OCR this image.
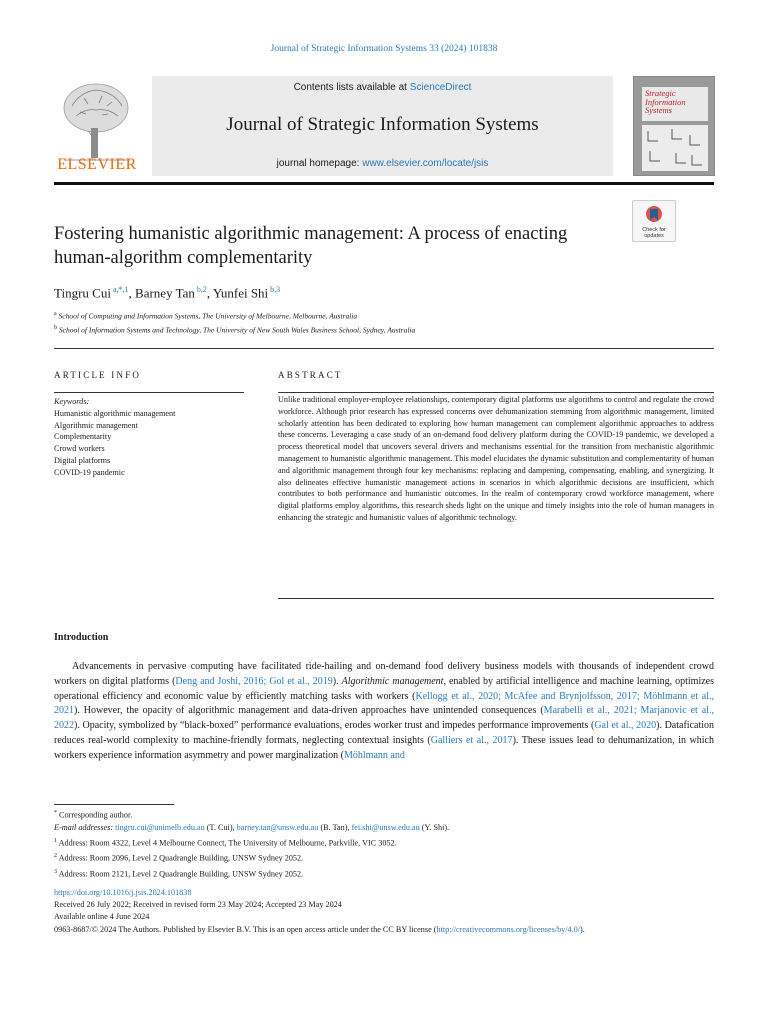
Journal of Strategic Information Systems 33 (2024) 101838
ELSEVIER
Contents lists available at ScienceDirect
Journal of Strategic Information Systems
journal homepage: www.elsevier.com/locate/jsis
Strategic Information Systems
Check for updates
Fostering humanistic algorithmic management: A process of enacting human-algorithm complementarity
Tingru Cui $^{a,*,1}$, Barney Tan $^{b,2}$, Yunfei Shi $^{b,3}$
$^a$ School of Computing and Information Systems, The University of Melbourne, Melbourne, Australia
$^b$ School of Information Systems and Technology, The University of New South Wales Business School, Sydney, Australia
ARTICLE INFO	ABSTRACT
Keywords:
Humanistic algorithmic management
Algorithmic management
Complementarity
Crowd workers
Digital platforms
COVID-19 pandemic
Unlike traditional employer-employee relationships, contemporary digital platforms use algorithms to control and regulate the crowd workforce. Although prior research has expressed concerns over dehumanization stemming from algorithmic management, limited scholarly attention has been dedicated to exploring how human management can complement algorithmic approaches to address these concerns. Leveraging a case study of an on-demand food delivery platform during the COVID-19 pandemic, we developed a process theoretical model that uncovers several drivers and mechanisms essential for the transition from mechanistic algorithmic management to humanistic algorithmic management. This model elucidates the dynamic substitution and complementarity of human and algorithmic management through four key mechanisms: replacing and dampening, compensating, enabling, and synergizing. It also delineates effective humanistic management actions in scenarios in which algorithmic decisions are insufficient, which contributes to both performance and humanistic outcomes. In the realm of contemporary crowd workforce management, where digital platforms employ algorithms, this research sheds light on the unique and timely insights into the role of human managers in enhancing the strategic and humanistic values of algorithmic technology.
Introduction

Advancements in pervasive computing have facilitated ride-hailing and on-demand food delivery business models with thousands of independent crowd workers on digital platforms (Deng and Joshi, 2016; Gol et al., 2019). Algorithmic management, enabled by artificial intelligence and machine learning, optimizes operational efficiency and economic value by efficiently matching tasks with workers (Kellogg et al., 2020; McAfee and Brynjolfsson, 2017; Möhlmann et al., 2021). However, the opacity of algorithmic management and data-driven approaches have unintended consequences (Marabelli et al., 2021; Marjanovic et al., 2022). Opacity, symbolized by “black-boxed” performance evaluations, erodes worker trust and impedes performance improvements (Gal et al., 2020). Datafication reduces real-world complexity to machine-friendly formats, neglecting contextual insights (Galliers et al., 2017). These issues lead to dehumanization, in which workers experience information asymmetry and power marginalization (Möhlmann and

* Corresponding author.
E-mail addresses: tingru.cui@unimelb.edu.au (T. Cui), barney.tan@unsw.edu.au (B. Tan), fei.shi@unsw.edu.au (Y. Shi).
$^1$ Address: Room 4322, Level 4 Melbourne Connect, The University of Melbourne, Parkville, VIC 3052.
$^2$ Address: Room 2096, Level 2 Quadrangle Building, UNSW Sydney 2052.
$^3$ Address: Room 2121, Level 2 Quadrangle Building, UNSW Sydney 2052.
https://doi.org/10.1016/j.jsis.2024.101838
Received 26 July 2022; Received in revised form 23 May 2024; Accepted 23 May 2024
Available online 4 June 2024
0963-8687/© 2024 The Authors. Published by Elsevier B.V. This is an open access article under the CC BY license (http://creativecommons.org/licenses/by/4.0/).
